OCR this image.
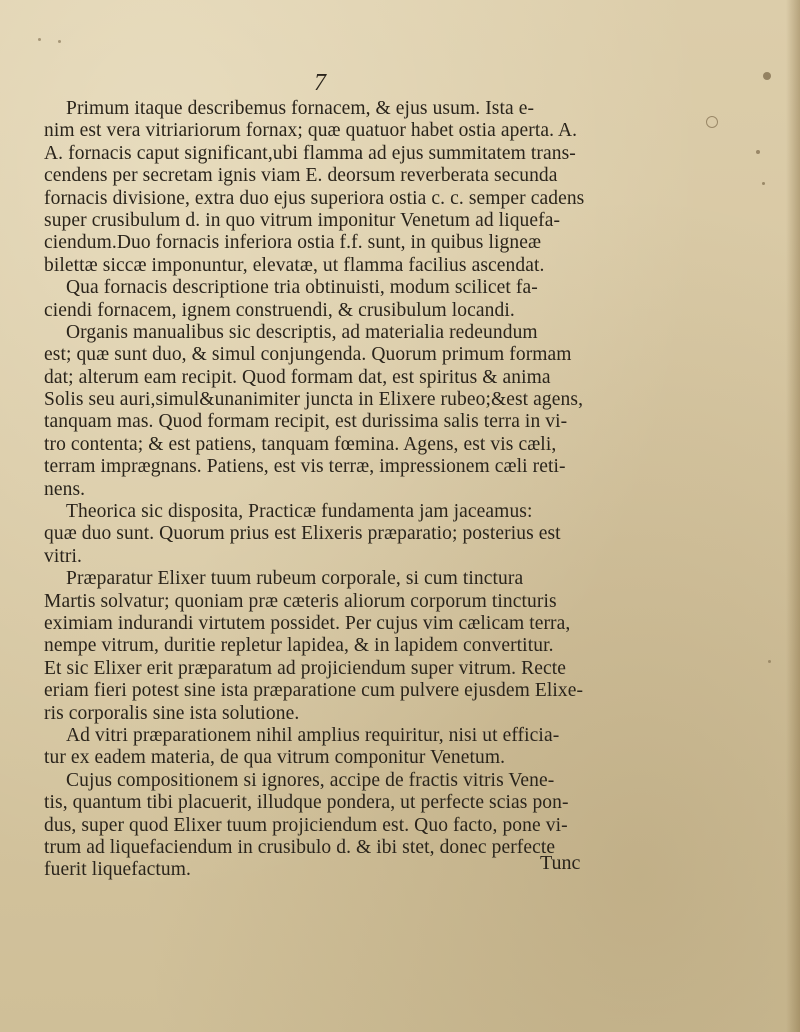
7
Primum itaque describemus fornacem, & ejus usum. Ista e-
nim est vera vitriariorum fornax; quæ quatuor habet ostia aperta. A.
A. fornacis caput significant,ubi flamma ad ejus summitatem trans-
cendens per secretam ignis viam E. deorsum reverberata secunda
fornacis divisione, extra duo ejus superiora ostia c. c. semper cadens
super crusibulum d. in quo vitrum imponitur Venetum ad liquefa-
ciendum.Duo fornacis inferiora ostia f.f. sunt, in quibus ligneæ
bilettæ siccæ imponuntur, elevatæ, ut flamma facilius ascendat.
Qua fornacis descriptione tria obtinuisti, modum scilicet fa-
ciendi fornacem, ignem construendi, & crusibulum locandi.
Organis manualibus sic descriptis, ad materialia redeundum
est; quæ sunt duo, & simul conjungenda. Quorum primum formam
dat; alterum eam recipit. Quod formam dat, est spiritus & anima
Solis seu auri,simul&unanimiter juncta in Elixere rubeo;&est agens,
tanquam mas. Quod formam recipit, est durissima salis terra in vi-
tro contenta; & est patiens, tanquam fœmina. Agens, est vis cæli,
terram imprægnans. Patiens, est vis terræ, impressionem cæli reti-
nens.
Theorica sic disposita, Practicæ fundamenta jam jaceamus:
quæ duo sunt. Quorum prius est Elixeris præparatio; posterius est
vitri.
Præparatur Elixer tuum rubeum corporale, si cum tinctura
Martis solvatur; quoniam præ cæteris aliorum corporum tincturis
eximiam indurandi virtutem possidet. Per cujus vim cælicam terra,
nempe vitrum, duritie repletur lapidea, & in lapidem convertitur.
Et sic Elixer erit præparatum ad projiciendum super vitrum. Recte
eriam fieri potest sine ista præparatione cum pulvere ejusdem Elixe-
ris corporalis sine ista solutione.
Ad vitri præparationem nihil amplius requiritur, nisi ut efficia-
tur ex eadem materia, de qua vitrum componitur Venetum.
Cujus compositionem si ignores, accipe de fractis vitris Vene-
tis, quantum tibi placuerit, illudque pondera, ut perfecte scias pon-
dus, super quod Elixer tuum projiciendum est. Quo facto, pone vi-
trum ad liquefaciendum in crusibulo d. & ibi stet, donec perfecte
fuerit liquefactum.	Tunc
